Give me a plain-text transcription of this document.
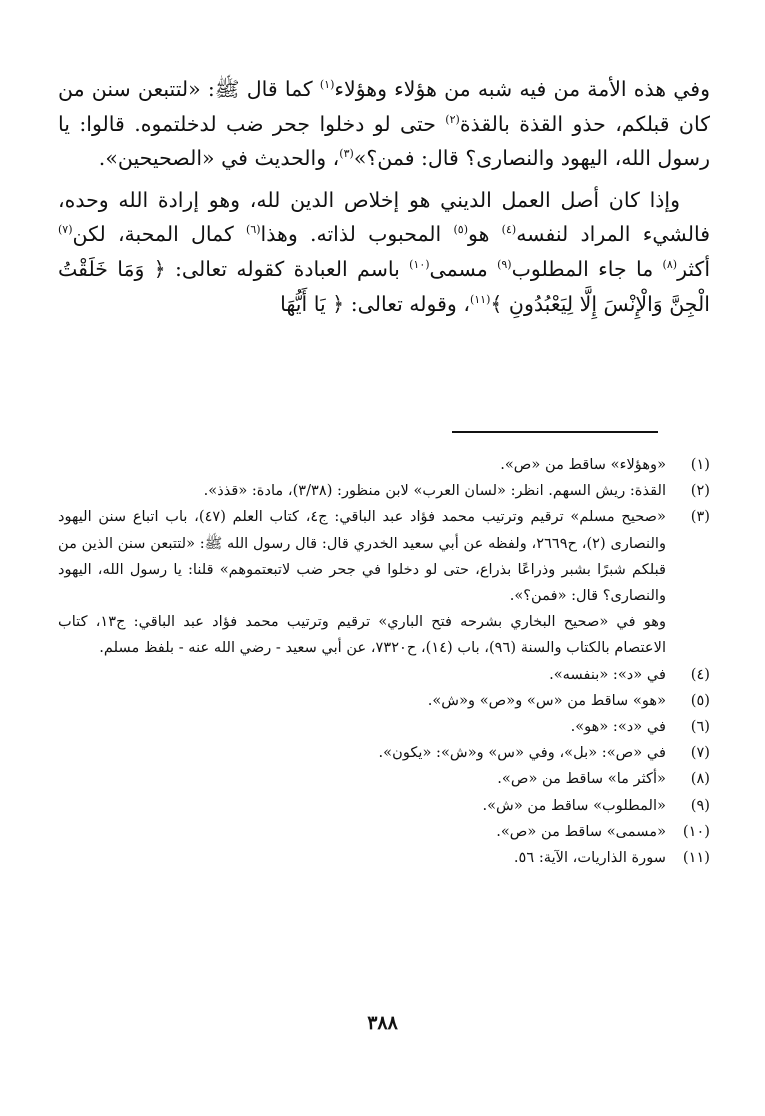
وفي هذه الأمة من فيه شبه من هؤلاء وهؤلاء$^{(١)}$ كما قال ﷺ: «لتتبعن سنن من كان قبلكم، حذو القذة بالقذة$^{(٢)}$ حتى لو دخلوا جحر ضب لدخلتموه. قالوا: يا رسول الله، اليهود والنصارى؟ قال: فمن؟»$^{(٣)}$، والحديث في «الصحيحين».

وإذا كان أصل العمل الديني هو إخلاص الدين لله، وهو إرادة الله وحده، فالشيء المراد لنفسه$^{(٤)}$ هو$^{(٥)}$ المحبوب لذاته. وهذا$^{(٦)}$ كمال المحبة، لكن$^{(٧)}$ أكثر$^{(٨)}$ ما جاء المطلوب$^{(٩)}$ مسمى$^{(١٠)}$ باسم العبادة كقوله تعالى: ﴿ وَمَا خَلَقْتُ الْجِنَّ وَالْإِنْسَ إِلَّا لِيَعْبُدُونِ ﴾$^{(١١)}$، وقوله تعالى: ﴿ يَا أَيُّهَا

(١)
«وهؤلاء» ساقط من «ص».
(٢)
القذة: ريش السهم. انظر: «لسان العرب» لابن منظور: (٣/٣٨)، مادة: «قذذ».
(٣)
«صحيح مسلم» ترقيم وترتيب محمد فؤاد عبد الباقي: ج٤، كتاب العلم (٤٧)، باب اتباع سنن اليهود والنصارى (٢)، ح٢٦٦٩، ولفظه عن أبي سعيد الخدري قال: قال رسول الله ﷺ: «لتتبعن سنن الذين من قبلكم شبرًا بشبر وذراعًا بذراع، حتى لو دخلوا في جحر ضب لاتبعتموهم» قلنا: يا رسول الله، اليهود والنصارى؟ قال: «فمن؟».
وهو في «صحيح البخاري بشرحه فتح الباري» ترقيم وترتيب محمد فؤاد عبد الباقي: ج١٣، كتاب الاعتصام بالكتاب والسنة (٩٦)، باب (١٤)، ح٧٣٢٠، عن أبي سعيد - رضي الله عنه - بلفظ مسلم.
(٤)
في «د»: «بنفسه».
(٥)
«هو» ساقط من «س» و«ص» و«ش».
(٦)
في «د»: «هو».
(٧)
في «ص»: «بل»، وفي «س» و«ش»: «يكون».
(٨)
«أكثر ما» ساقط من «ص».
(٩)
«المطلوب» ساقط من «ش».
(١٠)
«مسمى» ساقط من «ص».
(١١)
سورة الذاريات، الآية: ٥٦.
٣٨٨
